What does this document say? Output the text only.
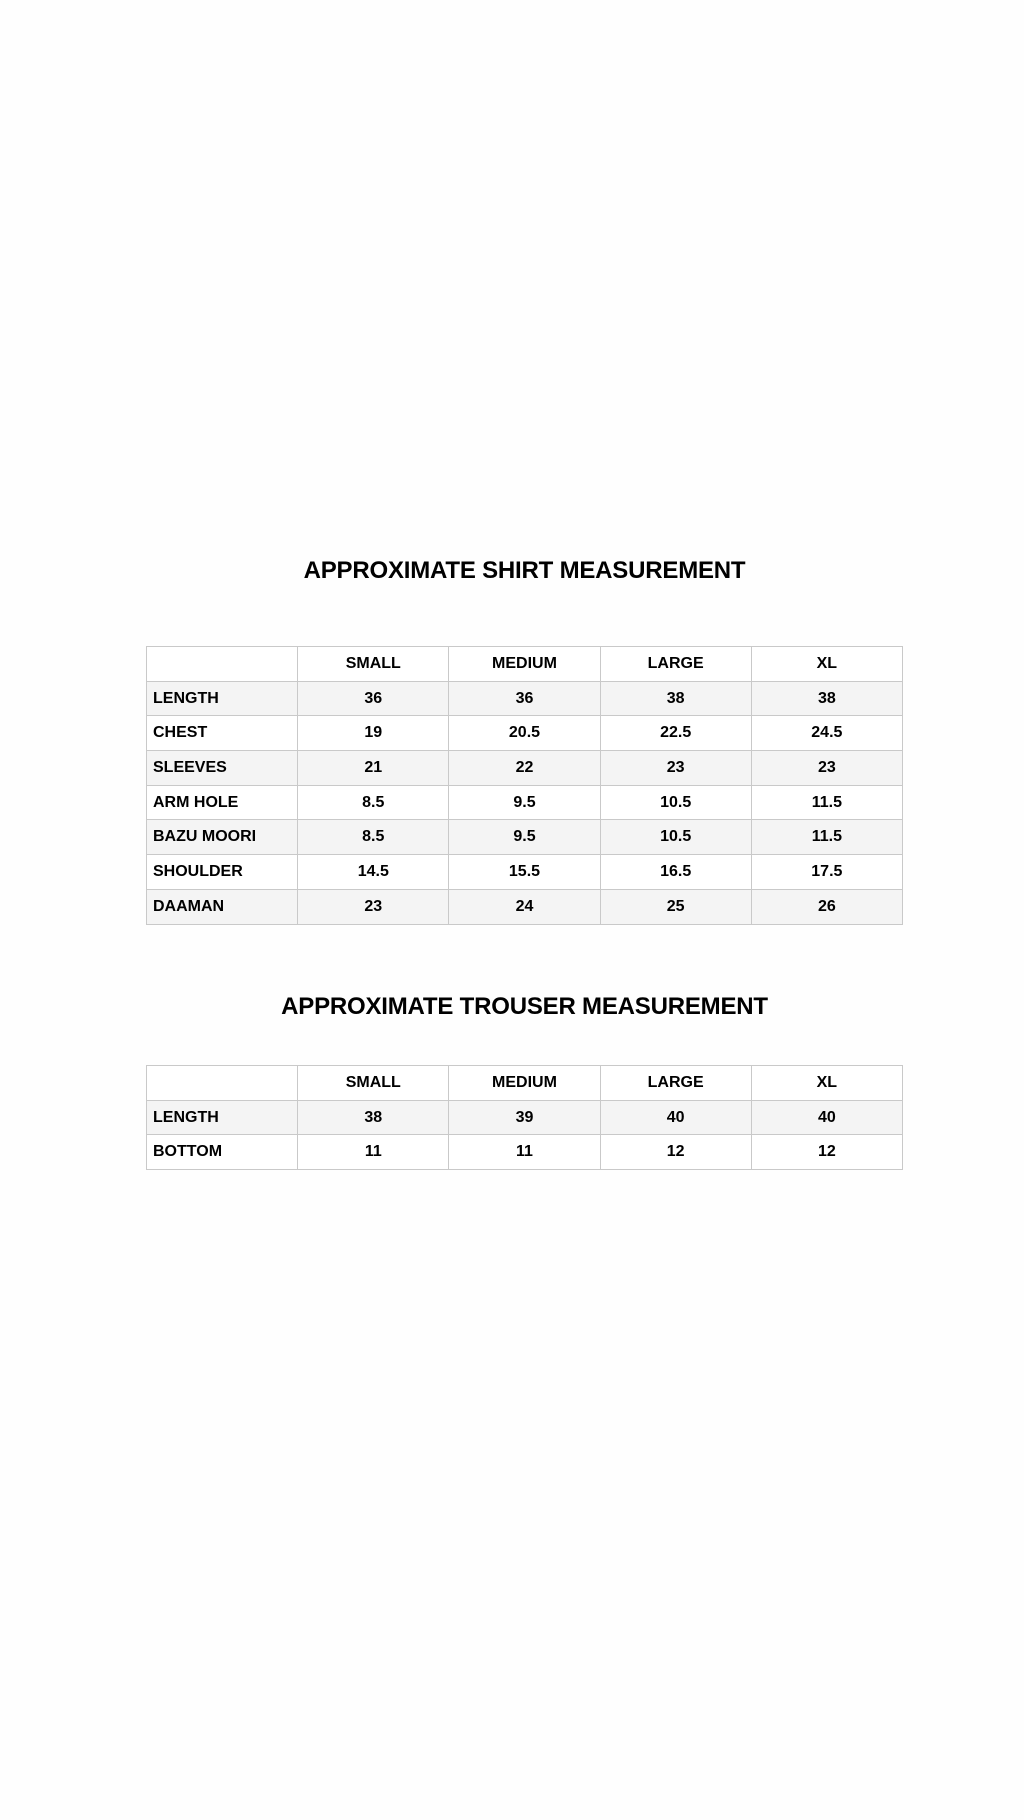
APPROXIMATE SHIRT MEASUREMENT
	SMALL	MEDIUM	LARGE	XL
LENGTH	36	36	38	38
CHEST	19	20.5	22.5	24.5
SLEEVES	21	22	23	23
ARM HOLE	8.5	9.5	10.5	11.5
BAZU MOORI	8.5	9.5	10.5	11.5
SHOULDER	14.5	15.5	16.5	17.5
DAAMAN	23	24	25	26
APPROXIMATE TROUSER MEASUREMENT
	SMALL	MEDIUM	LARGE	XL
LENGTH	38	39	40	40
BOTTOM	11	11	12	12
